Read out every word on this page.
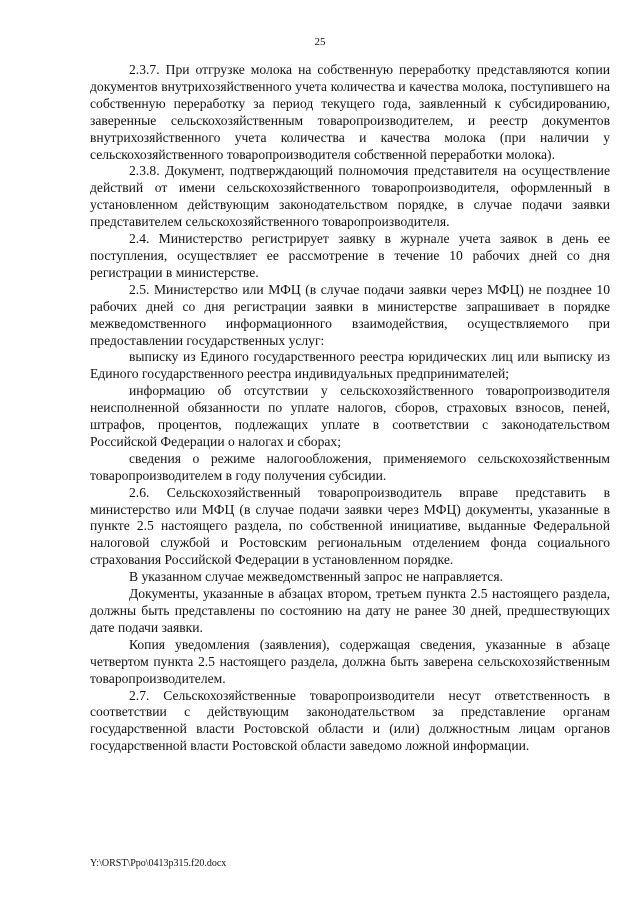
25

2.3.7. При отгрузке молока на собственную переработку представляются копии документов внутрихозяйственного учета количества и качества молока, поступившего на собственную переработку за период текущего года, заявленный к субсидированию, заверенные сельскохозяйственным товаропроизводителем, и реестр документов внутрихозяйственного учета количества и качества молока (при наличии у сельскохозяйственного товаропроизводителя собственной переработки молока).

2.3.8. Документ, подтверждающий полномочия представителя на осуществление действий от имени сельскохозяйственного товаропроизводителя, оформленный в установленном действующим законодательством порядке, в случае подачи заявки представителем сельскохозяйственного товаропроизводителя.

2.4. Министерство регистрирует заявку в журнале учета заявок в день ее поступления, осуществляет ее рассмотрение в течение 10 рабочих дней со дня регистрации в министерстве.

2.5. Министерство или МФЦ (в случае подачи заявки через МФЦ) не позднее 10 рабочих дней со дня регистрации заявки в министерстве запрашивает в порядке межведомственного информационного взаимодействия, осуществляемого при предоставлении государственных услуг:

выписку из Единого государственного реестра юридических лиц или выписку из Единого государственного реестра индивидуальных предпринимателей;

информацию об отсутствии у сельскохозяйственного товаропроизводителя неисполненной обязанности по уплате налогов, сборов, страховых взносов, пеней, штрафов, процентов, подлежащих уплате в соответствии с законодательством Российской Федерации о налогах и сборах;

сведения о режиме налогообложения, применяемого сельскохозяйственным товаропроизводителем в году получения субсидии.

2.6. Сельскохозяйственный товаропроизводитель вправе представить в министерство или МФЦ (в случае подачи заявки через МФЦ) документы, указанные в пункте 2.5 настоящего раздела, по собственной инициативе, выданные Федеральной налоговой службой и Ростовским региональным отделением фонда социального страхования Российской Федерации в установленном порядке.

В указанном случае межведомственный запрос не направляется.

Документы, указанные в абзацах втором, третьем пункта 2.5 настоящего раздела, должны быть представлены по состоянию на дату не ранее 30 дней, предшествующих дате подачи заявки.

Копия уведомления (заявления), содержащая сведения, указанные в абзаце четвертом пункта 2.5 настоящего раздела, должна быть заверена сельскохозяйственным товаропроизводителем.

2.7. Сельскохозяйственные товаропроизводители несут ответственность в соответствии с действующим законодательством за представление органам государственной власти Ростовской области и (или) должностным лицам органов государственной власти Ростовской области заведомо ложной информации.

Y:\ORST\Ppo\0413p315.f20.docx
